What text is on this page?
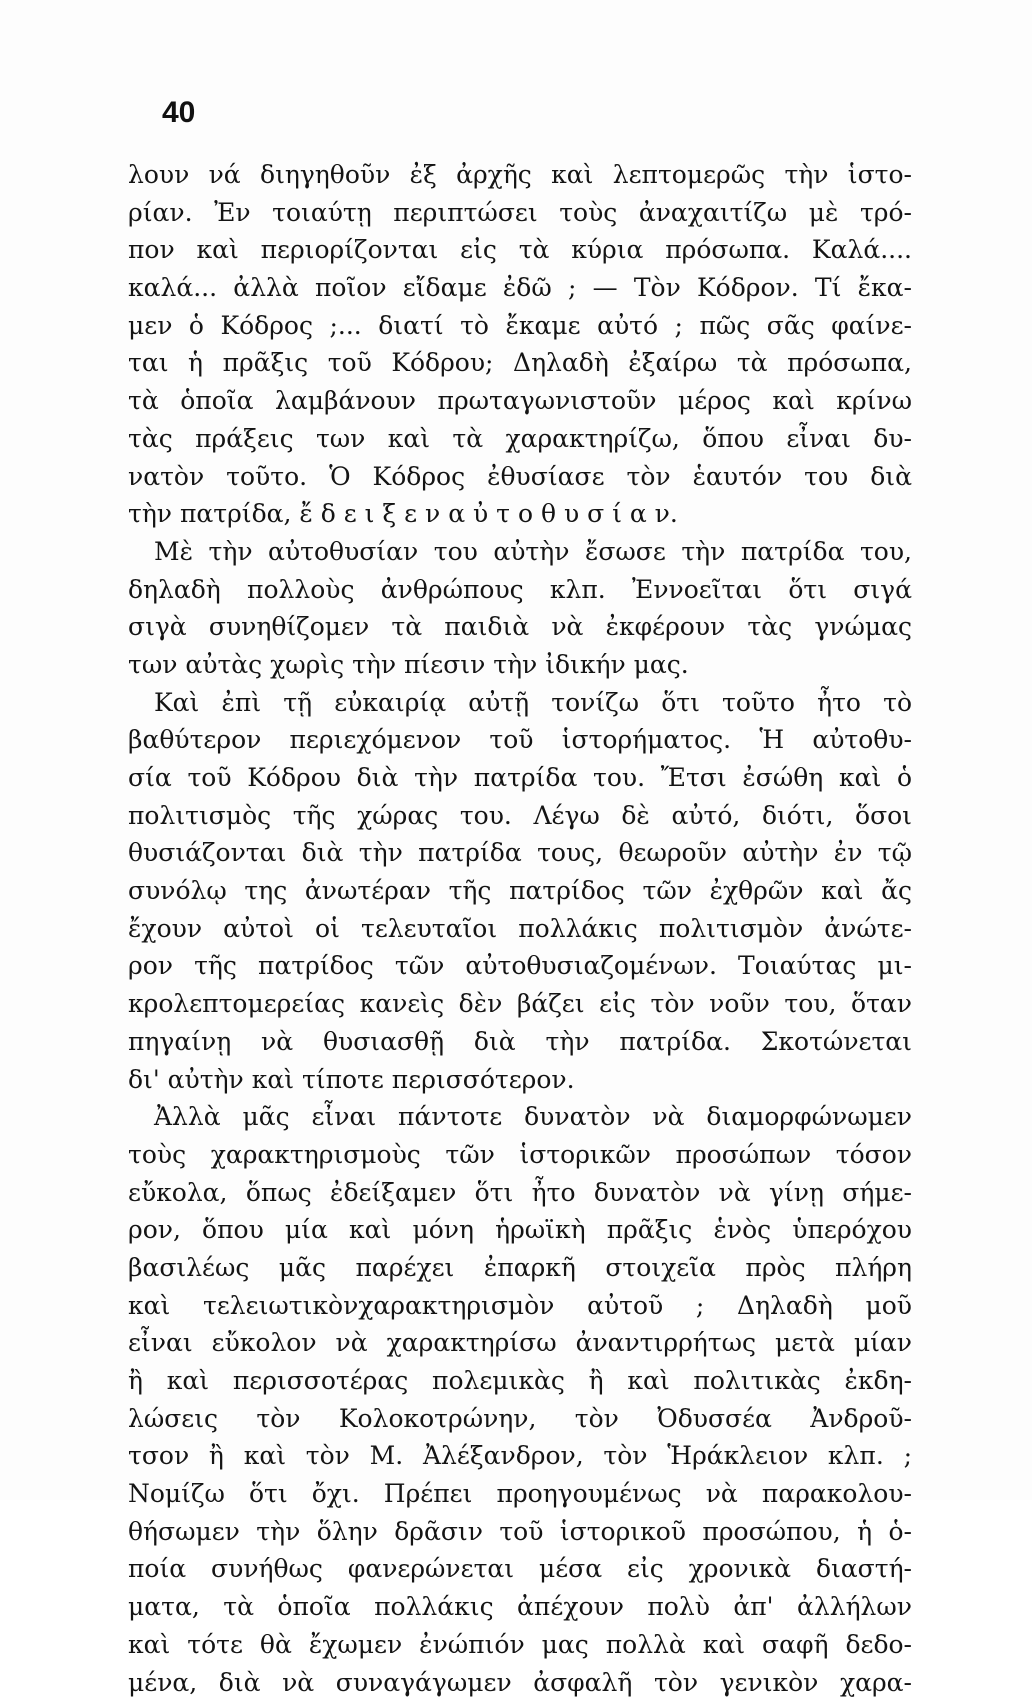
40

λουν νά διηγηθοῦν ἐξ ἀρχῆς καὶ λεπτομερῶς τὴν ἱστο-
ρίαν. Ἐν τοιαύτῃ περιπτώσει τοὺς ἀναχαιτίζω μὲ τρό-
πον καὶ περιορίζονται εἰς τὰ κύρια πρόσωπα. Καλά....
καλά... ἀλλὰ ποῖον εἴδαμε ἐδῶ ; — Τὸν Κόδρον. Τί ἔκα-
μεν ὁ Κόδρος ;... διατί τὸ ἔκαμε αὐτό ; πῶς σᾶς φαίνε-
ται ἡ πρᾶξις τοῦ Κόδρου; Δηλαδὴ ἐξαίρω τὰ πρόσωπα,
τὰ ὁποῖα λαμβάνουν πρωταγωνιστοῦν μέρος καὶ κρίνω
τὰς πράξεις των καὶ τὰ χαρακτηρίζω, ὅπου εἶναι δυ-
νατὸν τοῦτο. Ὁ Κόδρος ἐθυσίασε τὸν ἑαυτόν του διὰ
τὴν πατρίδα, ἔ δ ε ι ξ ε ν α ὐ τ ο θ υ σ ί α ν.
Μὲ τὴν αὐτοθυσίαν του αὐτὴν ἔσωσε τὴν πατρίδα του,
δηλαδὴ πολλοὺς ἀνθρώπους κλπ. Ἐννοεῖται ὅτι σιγά
σιγὰ συνηθίζομεν τὰ παιδιὰ νὰ ἐκφέρουν τὰς γνώμας
των αὐτὰς χωρὶς τὴν πίεσιν τὴν ἰδικήν μας.
Καὶ ἐπὶ τῇ εὐκαιρίᾳ αὐτῇ τονίζω ὅτι τοῦτο ἦτο τὸ
βαθύτερον περιεχόμενον τοῦ ἱστορήματος. Ἡ αὐτοθυ-
σία τοῦ Κόδρου διὰ τὴν πατρίδα του. Ἔτσι ἐσώθη καὶ ὁ
πολιτισμὸς τῆς χώρας του. Λέγω δὲ αὐτό, διότι, ὅσοι
θυσιάζονται διὰ τὴν πατρίδα τους, θεωροῦν αὐτὴν ἐν τῷ
συνόλῳ της ἀνωτέραν τῆς πατρίδος τῶν ἐχθρῶν καὶ ἄς
ἔχουν αὐτοὶ οἱ τελευταῖοι πολλάκις πολιτισμὸν ἀνώτε-
ρον τῆς πατρίδος τῶν αὐτοθυσιαζομένων. Τοιαύτας μι-
κρολεπτομερείας κανεὶς δὲν βάζει εἰς τὸν νοῦν του, ὅταν
πηγαίνῃ νὰ θυσιασθῇ διὰ τὴν πατρίδα. Σκοτώνεται
δι' αὐτὴν καὶ τίποτε περισσότερον.
Ἀλλὰ μᾶς εἶναι πάντοτε δυνατὸν νὰ διαμορφώνωμεν
τοὺς χαρακτηρισμοὺς τῶν ἱστορικῶν προσώπων τόσον
εὔκολα, ὅπως ἐδείξαμεν ὅτι ἦτο δυνατὸν νὰ γίνῃ σήμε-
ρον, ὅπου μία καὶ μόνη ἡρωϊκὴ πρᾶξις ἑνὸς ὑπερόχου
βασιλέως μᾶς παρέχει ἐπαρκῆ στοιχεῖα πρὸς πλήρη
καὶ τελειωτικὸνχαρακτηρισμὸν αὐτοῦ ; Δηλαδὴ μοῦ
εἶναι εὔκολον νὰ χαρακτηρίσω ἀναντιρρήτως μετὰ μίαν
ἢ καὶ περισσοτέρας πολεμικὰς ἢ καὶ πολιτικὰς ἐκδη-
λώσεις τὸν Κολοκοτρώνην, τὸν Ὀδυσσέα Ἀνδροῦ-
τσον ἢ καὶ τὸν Μ. Ἀλέξανδρον, τὸν Ἡράκλειον κλπ. ;
Νομίζω ὅτι ὄχι. Πρέπει προηγουμένως νὰ παρακολου-
θήσωμεν τὴν ὅλην δρᾶσιν τοῦ ἱστορικοῦ προσώπου, ἡ ὁ-
ποία συνήθως φανερώνεται μέσα εἰς χρονικὰ διαστή-
ματα, τὰ ὁποῖα πολλάκις ἀπέχουν πολὺ ἀπ' ἀλλήλων
καὶ τότε θὰ ἔχωμεν ἐνώπιόν μας πολλὰ καὶ σαφῆ δεδο-
μένα, διὰ νὰ συναγάγωμεν ἀσφαλῆ τὸν γενικὸν χαρα-
